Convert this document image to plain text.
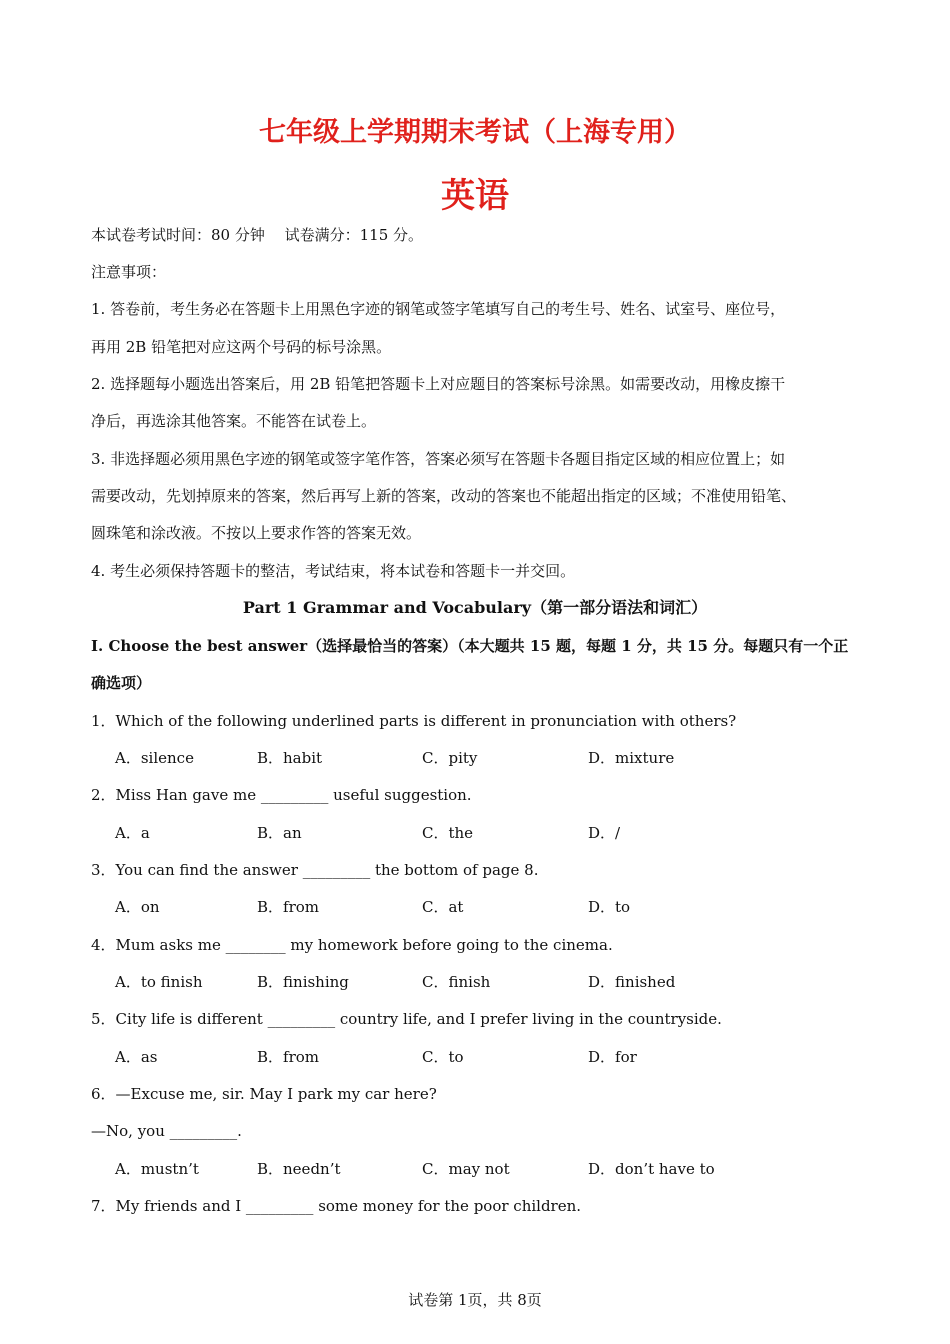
七年级上学期期末考试（上海专用）
英语
本试卷考试时间：80 分钟　 试卷满分：115 分。
注意事项：
1. 答卷前，考生务必在答题卡上用黑色字迹的钢笔或签字笔填写自己的考生号、姓名、试室号、座位号，
再用 2B 铅笔把对应这两个号码的标号涂黑。
2. 选择题每小题选出答案后，用 2B 铅笔把答题卡上对应题目的答案标号涂黑。如需要改动，用橡皮擦干
净后，再选涂其他答案。不能答在试卷上。
3. 非选择题必须用黑色字迹的钢笔或签字笔作答，答案必须写在答题卡各题目指定区域的相应位置上；如
需要改动，先划掉原来的答案，然后再写上新的答案，改动的答案也不能超出指定的区域；不准使用铅笔、
圆珠笔和涂改液。不按以上要求作答的答案无效。
4. 考生必须保持答题卡的整洁，考试结束，将本试卷和答题卡一并交回。
Part 1 Grammar and Vocabulary（第一部分语法和词汇）
I. Choose the best answer（选择最恰当的答案）（本大题共 15 题，每题 1 分，共 15 分。每题只有一个正
确选项）
1．Which of the following underlined parts is different in pronunciation with others?
A．silence	B．habit	C．pity	D．mixture
2．Miss Han gave me _________ useful suggestion.
A．a	B．an	C．the	D．/
3．You can find the answer _________ the bottom of page 8.
A．on	B．from	C．at	D．to
4．Mum asks me ________ my homework before going to the cinema.
A．to finish	B．finishing	C．finish	D．finished
5．City life is different _________ country life, and I prefer living in the countryside.
A．as	B．from	C．to	D．for
6．—Excuse me, sir. May I park my car here?
—No, you _________.
A．mustn’t	B．needn’t	C．may not	D．don’t have to
7．My friends and I _________ some money for the poor children.
试卷第 1页，共 8页
